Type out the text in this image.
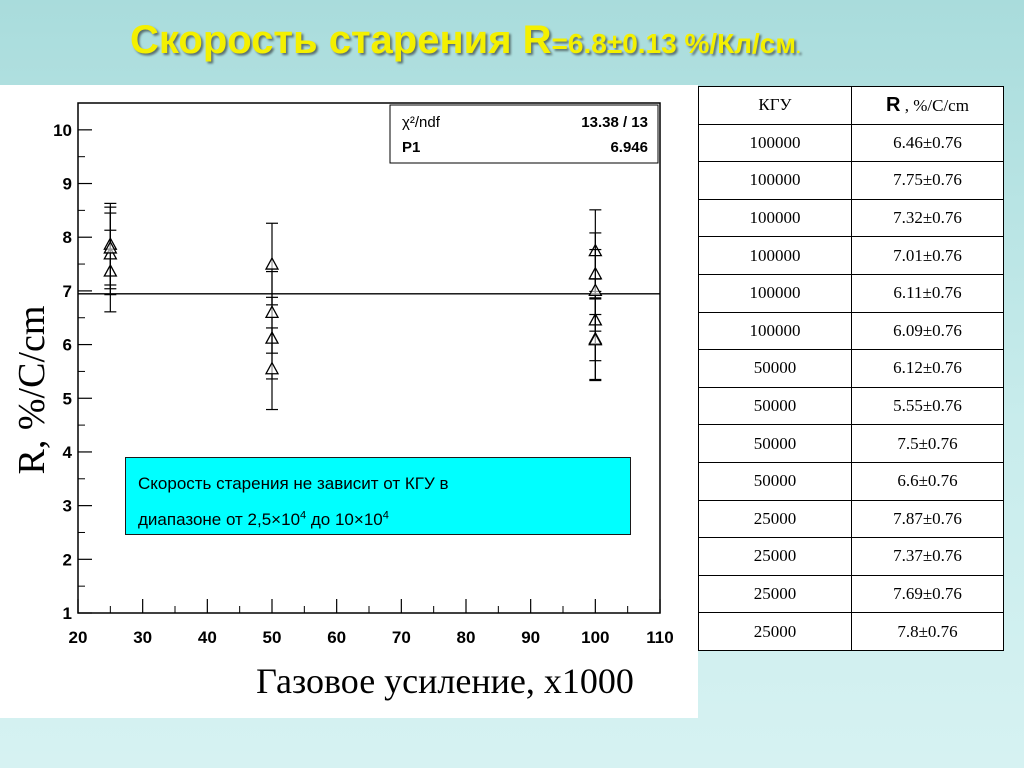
Скорость старения R=6.8±0.13 %/Кл/см.
1
2
3
4
5
6
7
8
9
10
20	30	40	50	60	70	80	90 100 110
χ²/ndf	13.38 / 13
P1	6.946
R, %/C/cm
Газовое усиление, x1000
Скорость старения не зависит от КГУ в
диапазоне от $2,5\times 10^4$ до $10\times 10^4$
КГУ	R , %/C/cm
100000	6.46±0.76
100000	7.75±0.76
100000	7.32±0.76
100000	7.01±0.76
100000	6.11±0.76
100000	6.09±0.76
50000	6.12±0.76
50000	5.55±0.76
50000	7.5±0.76
50000	6.6±0.76
25000	7.87±0.76
25000	7.37±0.76
25000	7.69±0.76
25000	7.8±0.76
